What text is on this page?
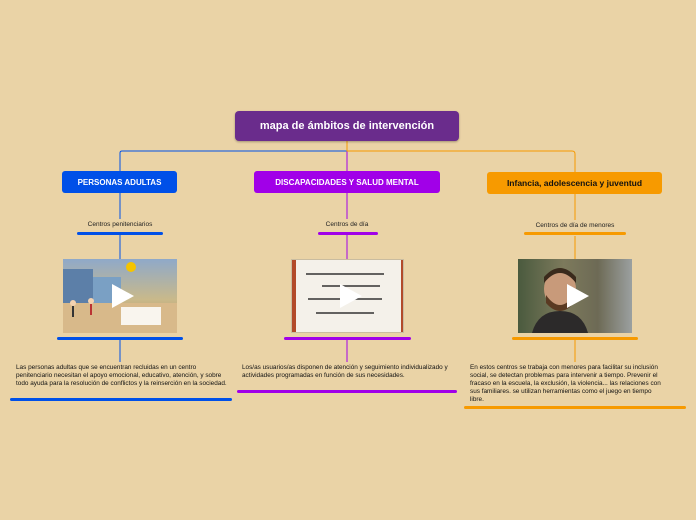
mapa de ámbitos de intervención
PERSONAS ADULTAS
Centros penitenciarios
Las personas adultas que se encuentran recluidas en un centro penitenciario necesitan el apoyo emocional, educativo, atención, y sobre todo ayuda para la resolución de conflictos y la reinserción en la sociedad.
DISCAPACIDADES Y SALUD MENTAL
Centros de día
Los/as usuarios/as disponen de atención y seguimiento individualizado y actividades programadas en función de sus necesidades.
Infancia, adolescencia y juventud
Centros de día de menores
En estos centros se trabaja con menores para facilitar su inclusión social, se detectan problemas para intervenir a tiempo. Prevenir el fracaso en la escuela, la exclusión, la violencia... las relaciones con sus familiares. se utilizan herramientas como el juego en tiempo libre.
